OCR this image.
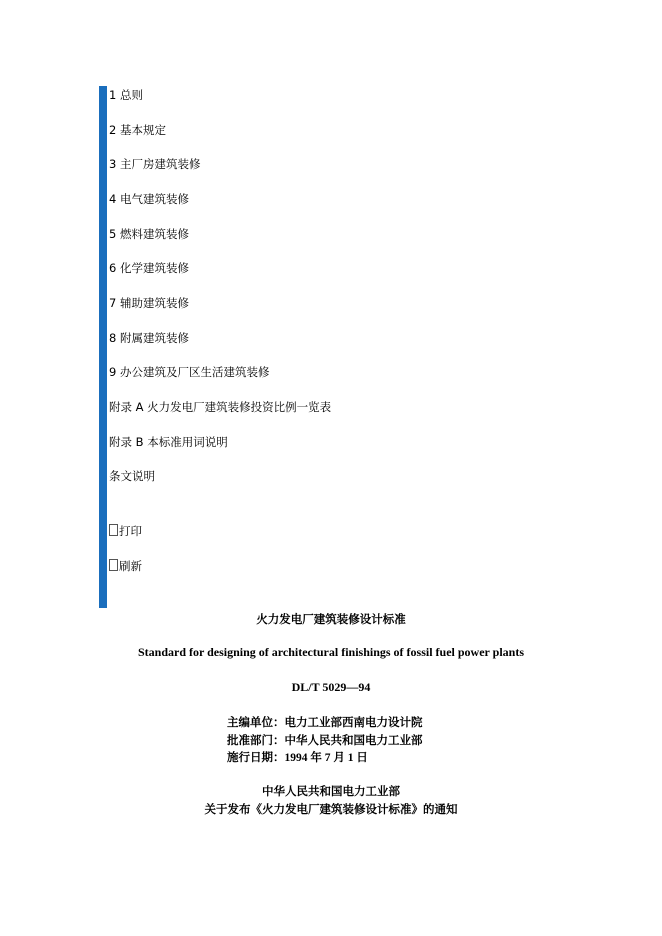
1 总则
2 基本规定
3 主厂房建筑装修
4 电气建筑装修
5 燃料建筑装修
6 化学建筑装修
7 辅助建筑装修
8 附属建筑装修
9 办公建筑及厂区生活建筑装修
附录 A 火力发电厂建筑装修投资比例一览表
附录 B 本标准用词说明
条文说明
打印
刷新
火力发电厂建筑装修设计标准
Standard for designing of architectural finishings of fossil fuel power plants
DL/T 5029—94
主编单位：电力工业部西南电力设计院
批准部门：中华人民共和国电力工业部
施行日期：1994 年 7 月 1 日
中华人民共和国电力工业部
关于发布《火力发电厂建筑装修设计标准》的通知
